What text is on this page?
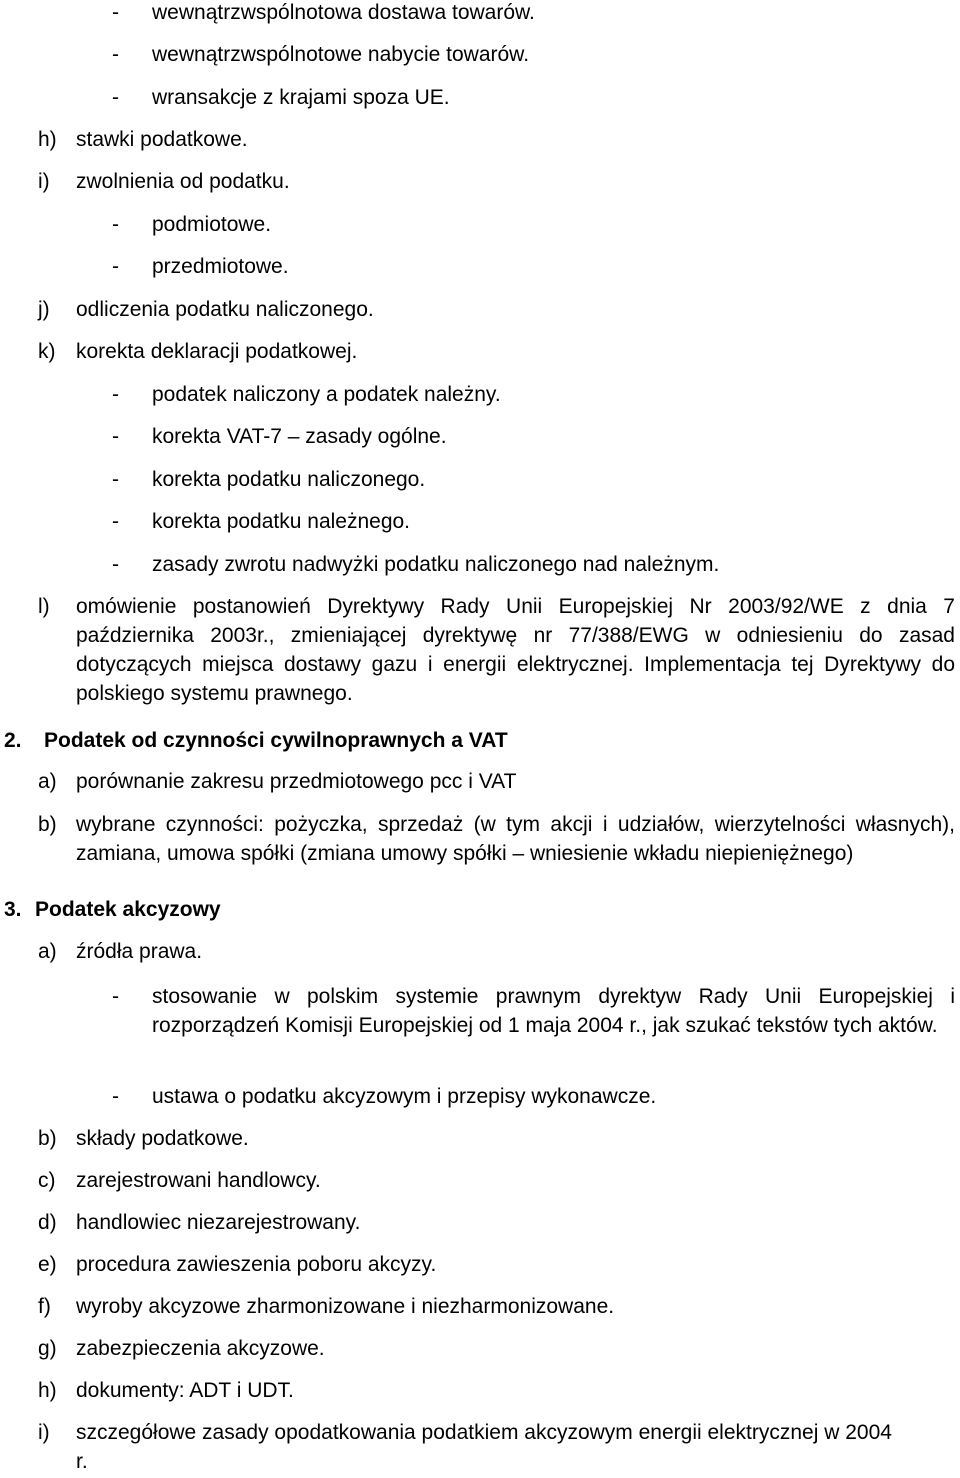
- wewnątrzwspólnotowa dostawa towarów.
- wewnątrzwspólnotowe nabycie towarów.
- wransakcje z krajami spoza UE.
h) stawki podatkowe.
i) zwolnienia od podatku.
- podmiotowe.
- przedmiotowe.
j) odliczenia podatku naliczonego.
k) korekta deklaracji podatkowej.
- podatek naliczony a podatek należny.
- korekta VAT-7 – zasady ogólne.
- korekta podatku naliczonego.
- korekta podatku należnego.
- zasady zwrotu nadwyżki podatku naliczonego nad należnym.
l) omówienie postanowień Dyrektywy Rady Unii Europejskiej Nr 2003/92/WE z dnia 7 października 2003r., zmieniającej dyrektywę nr 77/388/EWG w odniesieniu do zasad dotyczących miejsca dostawy gazu i energii elektrycznej. Implementacja tej Dyrektywy do polskiego systemu prawnego.
2. Podatek od czynności cywilnoprawnych a VAT
a) porównanie zakresu przedmiotowego pcc i VAT
b) wybrane czynności: pożyczka, sprzedaż (w tym akcji i udziałów, wierzytelności własnych), zamiana, umowa spółki (zmiana umowy spółki – wniesienie wkładu niepieniężnego)
3. Podatek akcyzowy
a) źródła prawa.
- stosowanie w polskim systemie prawnym dyrektyw Rady Unii Europejskiej i rozporządzeń Komisji Europejskiej od 1 maja 2004 r., jak szukać tekstów tych aktów.
- ustawa o podatku akcyzowym i przepisy wykonawcze.
b) składy podatkowe.
c) zarejestrowani handlowcy.
d) handlowiec niezarejestrowany.
e) procedura zawieszenia poboru akcyzy.
f) wyroby akcyzowe zharmonizowane i niezharmonizowane.
g) zabezpieczenia akcyzowe.
h) dokumenty: ADT i UDT.
i) szczegółowe zasady opodatkowania podatkiem akcyzowym energii elektrycznej w 2004 r.
